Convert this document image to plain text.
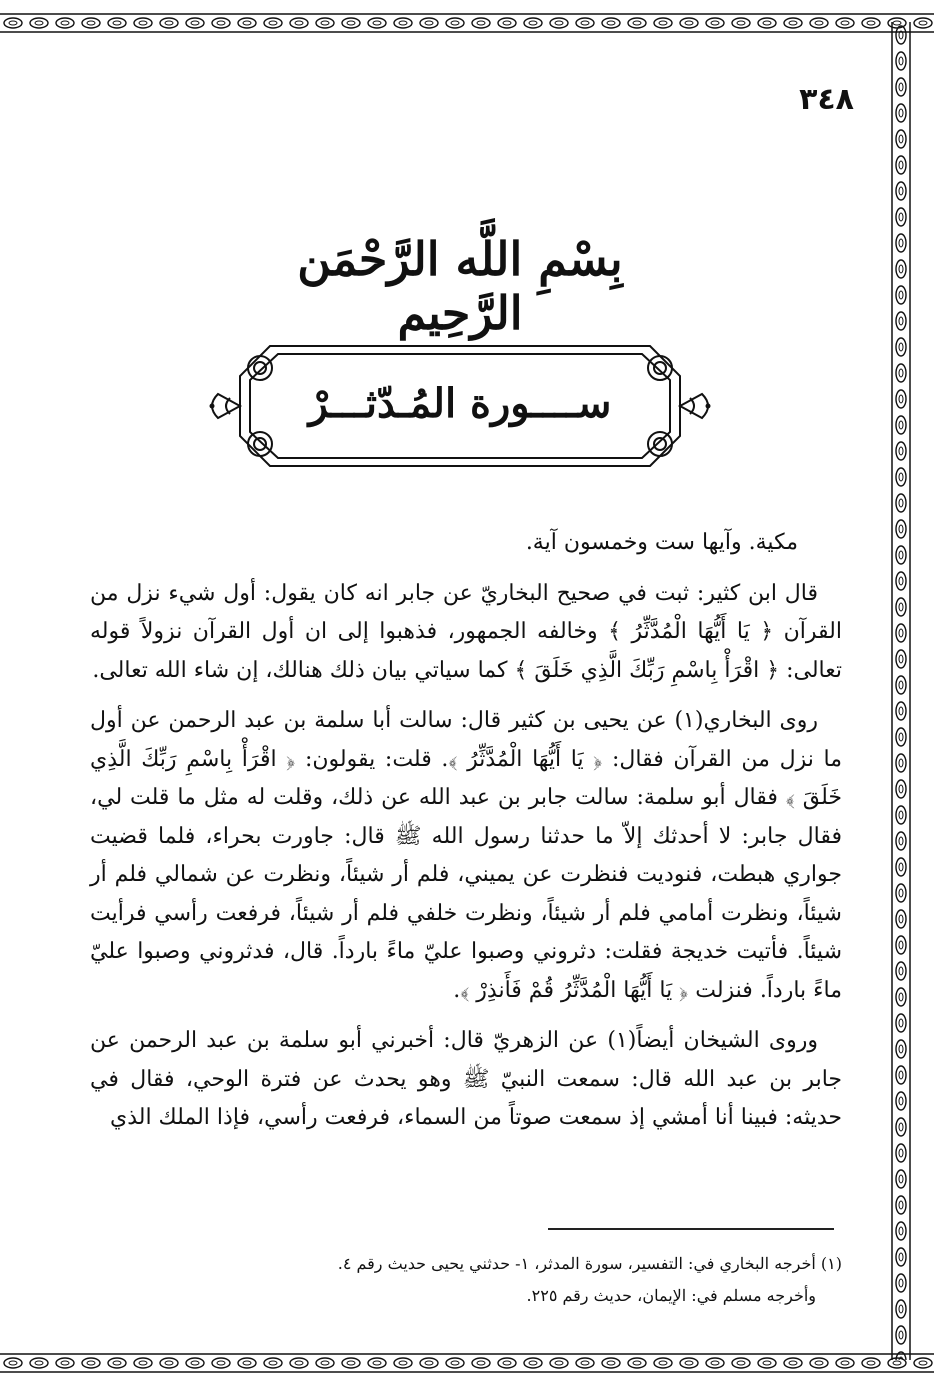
٣٤٨
بِسْمِ اللَّه الرَّحْمَن الرَّحِيم
ســــورة المُـدّثـــرْ

مكية. وآيها ست وخمسون آية.

قال ابن كثير: ثبت في صحيح البخاريّ عن جابر انه كان يقول: أول شيء نزل من القرآن ﴿ يَا أَيُّهَا الْمُدَّثِّرُ ﴾ وخالفه الجمهور، فذهبوا إلى ان أول القرآن نزولاً قوله تعالى: ﴿ اقْرَأْ بِاسْمِ رَبِّكَ الَّذِي خَلَقَ ﴾ كما سياتي بيان ذلك هنالك، إن شاء الله تعالى.

روى البخاري(١) عن يحيى بن كثير قال: سالت أبا سلمة بن عبد الرحمن عن أول ما نزل من القرآن فقال: ﴿ يَا أَيُّهَا الْمُدَّثِّرُ ﴾. قلت: يقولون: ﴿ اقْرَأْ بِاسْمِ رَبِّكَ الَّذِي خَلَقَ ﴾ فقال أبو سلمة: سالت جابر بن عبد الله عن ذلك، وقلت له مثل ما قلت لي، فقال جابر: لا أحدثك إلاّ ما حدثنا رسول الله ﷺ قال: جاورت بحراء، فلما قضيت جواري هبطت، فنوديت فنظرت عن يميني، فلم أر شيئاً، ونظرت عن شمالي فلم أر شيئاً، ونظرت أمامي فلم أر شيئاً، ونظرت خلفي فلم أر شيئاً، فرفعت رأسي فرأيت شيئاً. فأتيت خديجة فقلت: دثروني وصبوا عليّ ماءً بارداً. قال، فدثروني وصبوا عليّ ماءً بارداً. فنزلت ﴿ يَا أَيُّهَا الْمُدَّثِّرُ قُمْ فَأَنذِرْ ﴾.

وروى الشيخان أيضاً(١) عن الزهريّ قال: أخبرني أبو سلمة بن عبد الرحمن عن جابر بن عبد الله قال: سمعت النبيّ ﷺ وهو يحدث عن فترة الوحي، فقال في حديثه: فبينا أنا أمشي إذ سمعت صوتاً من السماء، فرفعت رأسي، فإذا الملك الذي

(١) أخرجه البخاري في: التفسير، سورة المدثر، ١- حدثني يحيى حديث رقم ٤.
وأخرجه مسلم في: الإيمان، حديث رقم ٢٢٥.
